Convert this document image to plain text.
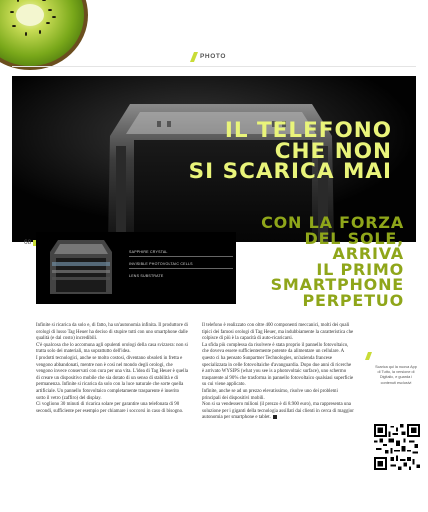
PHOTO
IL TELEFONO
CHE NON
SI SCARICA MAI
CON LA FORZA
DEL SOLE,
ARRIVA
IL PRIMO
SMARTPHONE
PERPETUO
68
SAPPHIRE CRYSTAL
INVISIBLE PHOTOVOLTAIC CELLS
LENS SUBSTRATE

Infinite si ricarica da solo e, di fatto, ha un'autonomia infinita. Il produttore di orologi di lusso Tag Heuer ha deciso di stupire tutti con uno smartphone dalle qualità (e dal costo) incredibili.

C'è qualcosa che lo accomuna agli opulenti orologi della casa svizzera: non si tratta solo dei materiali, ma soprattutto dell'idea.

I prodotti tecnologici, anche se molto costosi, diventano obsoleti in fretta e vengono abbandonati, mentre non è così nel mondo degli orologi, che vengono invece conservati con cura per una vita. L'idea di Tag Heuer è quella di creare un dispositivo mobile che sia dotato di un senso di stabilità e di permanenza. Infinite si ricarica da solo con la luce naturale che sorte quella artificiale. Un pannello fotovoltaico completamente trasparente è inserito sotto il vetro (zaffiro) del display.

Ci vogliono 30 minuti di ricarica solare per garantire una telefonata di 90 secondi, sufficiente per esempio per chiamare i soccorsi in caso di bisogno.

Il telefono è realizzato con oltre 400 componenti meccanici, molti dei quali tipici dei famosi orologi di Tag Heuer, ma indubbiamente la caratteristica che colpisce di più è la capacità di auto-ricaricarsi.

La sfida più complessa da risolvere è stata proprio il pannello fotovoltaico, che doveva essere sufficientemente potente da alimentare un cellulare. A questo ci ha pensato Sunpartner Technologies, un'azienda francese specializzata in celle fotovoltaiche d'avanguardia. Dopo due anni di ricerche è arrivato WYSIPS (what you see is a photovoltaic surface), uno schermo trasparente al 90% che trasforma in pannello fotovoltaico qualsiasi superficie su cui viene applicato.

Infinite, anche se ad un prezzo elevatissimo, risolve uno dei problemi principali dei dispositivi mobili.

Non si sa vendessero milioni (il prezzo è di 8.900 euro), ma rappresenta una soluzione per i giganti della tecnologia assillati dai clienti in cerca di maggior autonomia per smartphone e tablet.

Scarica qui la nuova App di Tutto, la versione di Digitalic, e guarda i contenuti esclusivi
